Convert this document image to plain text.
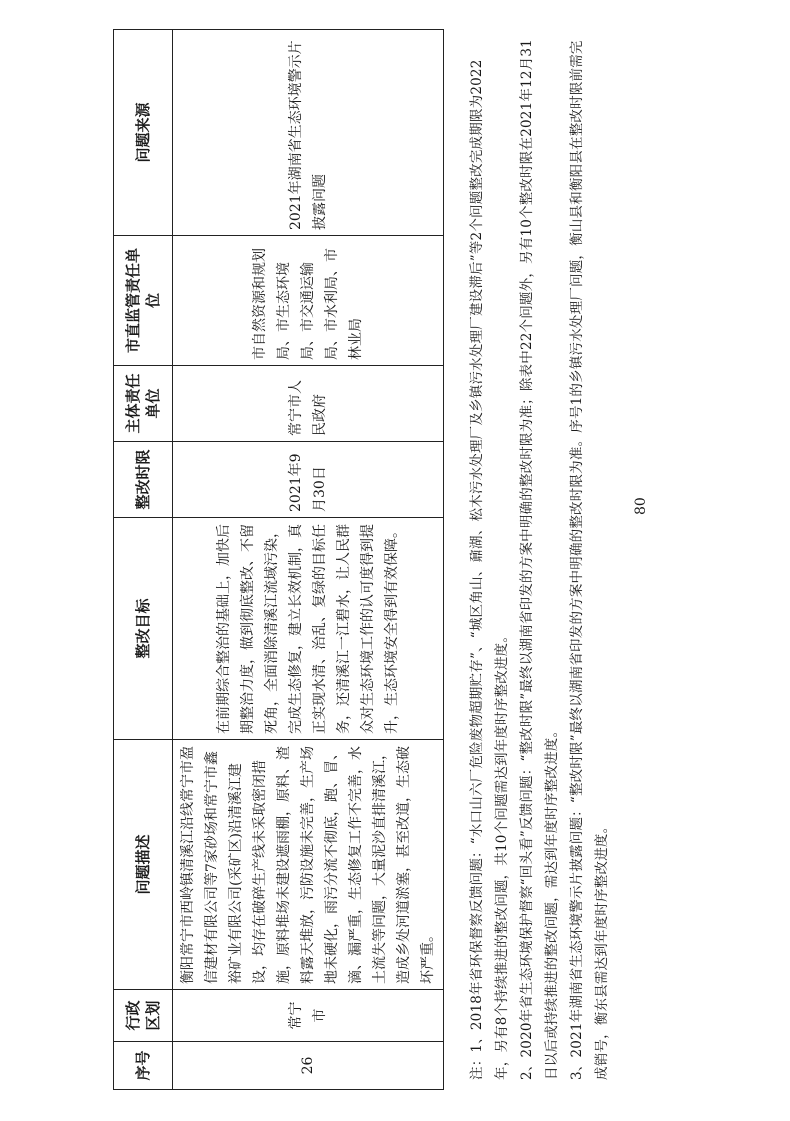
序号	行政区划	问题描述	整改目标	整改时限	主体责任单位	市直监管责任单位	问题来源
26	常宁市	衡阳常宁市西岭镇清溪江沿线常宁市盈信建材有限公司等7家砂场和常宁市鑫裕矿业有限公司(采矿区)沿清溪江建设，均存在破碎生产线未采取密闭措施，原料堆场未建设遮雨棚，原料、渣料露天堆放，污防设施未完善，生产场地未硬化，雨污分流不彻底，跑、冒、滴、漏严重，生态修复工作不完善，水土流失等问题，大量泥沙直排清溪江，造成乡处河道淤塞，甚至改道，生态破坏严重。	在前期综合整治的基础上，加快后期整治力度，做到彻底整改、不留死角，全面消除清溪江流域污染，完成生态修复，建立长效机制，真正实现水清、治乱、复绿的目标任务，还清溪江一江碧水，让人民群众对生态环境工作的认可度得到提升，生态环境安全得到有效保障。	2021年9月30日	常宁市人民政府	市自然资源和规划局、市生态环境局、市交通运输局、市水利局、市林业局	2021年湖南省生态环境警示片披露问题	注：1、2018年省环保督察反馈问题：“水口山六厂危险废物超期贮存”、“城区角山、鼐湖、松木污水处理厂及乡镇污水处理厂建设滞后”等2个问题整改完成期限为2022年，另有8个持续推进的整改问题，共10个问题需达到年度时序整改进度。 2、2020年省生态环境保护督察“回头看”反馈问题：“整改时限”最终以湖南省印发的方案中明确的整改时限为准；除表中22个问题外，另有10个整改时限在2021年12月31日以后或持续推进的整改问题，需达到年度时序整改进度。 3、2021年湖南省生态环境警示片披露问题：“整改时限”最终以湖南省印发的方案中明确的整改时限为准。序号1的乡镇污水处理厂问题，衡山县和衡阳县在整改时限前需完成销号，衡东县需达到年度时序整改进度。

80
